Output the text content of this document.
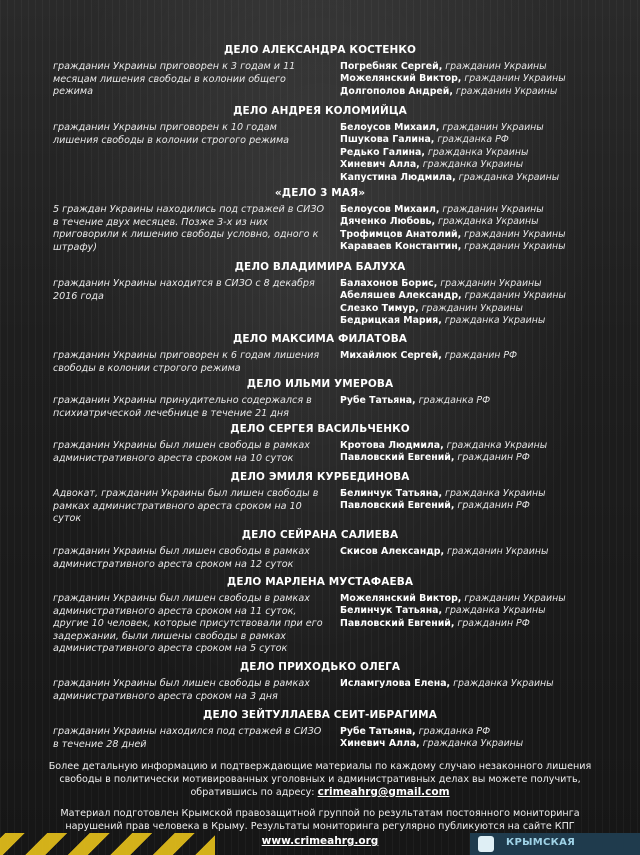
ДЕЛО АЛЕКСАНДРА КОСТЕНКО
гражданин Украины приговорен к 3 годам и 11 месяцам лишения свободы в колонии общего режима
Погребняк Сергей, гражданин Украины
Можелянский Виктор, гражданин Украины
Долгополов Андрей, гражданин Украины
ДЕЛО АНДРЕЯ КОЛОМИЙЦА
гражданин Украины приговорен к 10 годам лишения свободы в колонии строгого режима
Белоусов Михаил, гражданин Украины
Пшукова Галина, гражданка РФ
Редько Галина, гражданка Украины
Хиневич Алла, гражданка Украины
Капустина Людмила, гражданка Украины
«ДЕЛО 3 МАЯ»
5 граждан Украины находились под стражей в СИЗО в течение двух месяцев. Позже 3-х из них приговорили к лишению свободы условно, одного к штрафу)
Белоусов Михаил, гражданин Украины
Дяченко Любовь, гражданка Украины
Трофимцов Анатолий, гражданин Украины
Караваев Константин, гражданин Украины
ДЕЛО ВЛАДИМИРА БАЛУХА
гражданин Украины находится в СИЗО с 8 декабря 2016 года
Балахонов Борис, гражданин Украины
Абеляшев Александр, гражданин Украины
Слезко Тимур, гражданин Украины
Бедрицкая Мария, гражданка Украины
ДЕЛО МАКСИМА ФИЛАТОВА
гражданин Украины приговорен к 6 годам лишения свободы в колонии строгого режима
Михайлюк Сергей, гражданин РФ
ДЕЛО ИЛЬМИ УМЕРОВА
гражданин Украины принудительно содержался в психиатрической лечебнице в течение 21 дня
Рубе Татьяна, гражданка РФ
ДЕЛО СЕРГЕЯ ВАСИЛЬЧЕНКО
гражданин Украины был лишен свободы в рамках административного ареста сроком на 10 суток
Кротова Людмила, гражданка Украины
Павловский Евгений, гражданин РФ
ДЕЛО ЭМИЛЯ КУРБЕДИНОВА
Адвокат, гражданин Украины был лишен свободы в рамках административного ареста сроком на 10 суток
Белинчук Татьяна, гражданка Украины
Павловский Евгений, гражданин РФ
ДЕЛО СЕЙРАНА САЛИЕВА
гражданин Украины был лишен свободы в рамках административного ареста сроком на 12 суток
Скисов Александр, гражданин Украины
ДЕЛО МАРЛЕНА МУСТАФАЕВА
гражданин Украины был лишен свободы в рамках административного ареста сроком на 11 суток, другие 10 человек, которые присутствовали при его задержании, были лишены свободы в рамках административного ареста сроком на 5 суток
Можелянский Виктор, гражданин Украины
Белинчук Татьяна, гражданка Украины
Павловский Евгений, гражданин РФ
ДЕЛО ПРИХОДЬКО ОЛЕГА
гражданин Украины был лишен свободы в рамках административного ареста сроком на 3 дня
Исламгулова Елена, гражданка Украины
ДЕЛО ЗЕЙТУЛЛАЕВА СЕИТ-ИБРАГИМА
гражданин Украины находился под стражей в СИЗО в течение 28 дней
Рубе Татьяна, гражданка РФ
Хиневич Алла, гражданка Украины
Более детальную информацию и подтверждающие материалы по каждому случаю незаконного лишения свободы в политически мотивированных уголовных и административных делах вы можете получить, обратившись по адресу: crimeahrg@gmail.com
Материал подготовлен Крымской правозащитной группой по результатам постоянного мониторинга нарушений прав человека в Крыму. Результаты мониторинга регулярно публикуются на сайте КПГ
www.crimeahrg.org	КРЫМСКАЯ
